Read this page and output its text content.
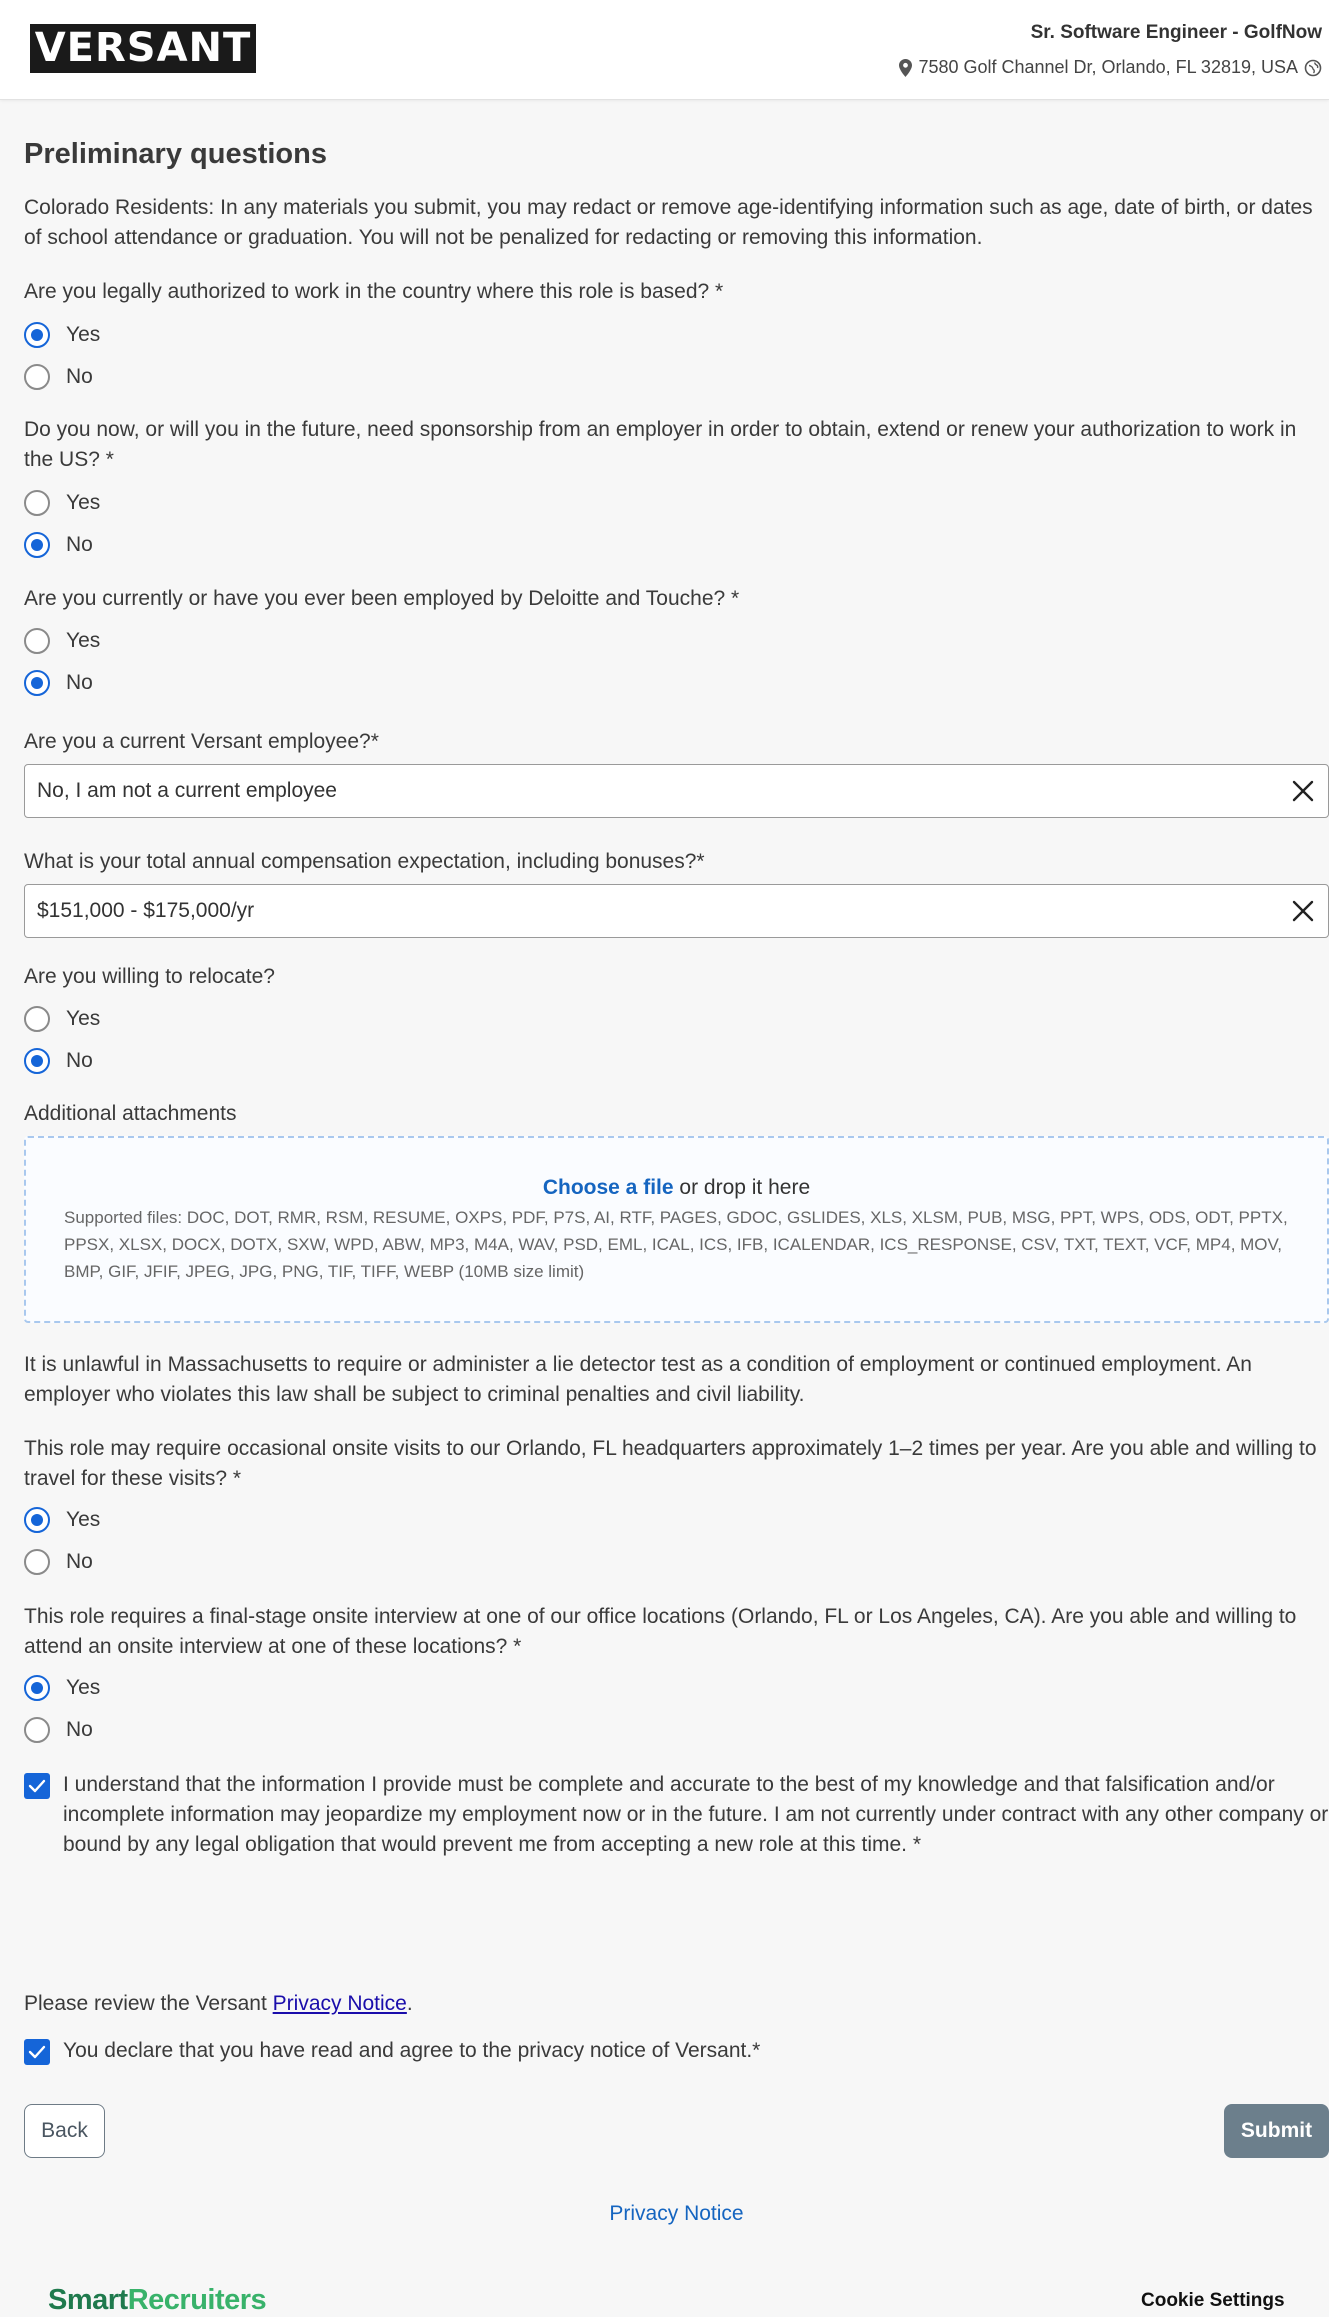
VERSANT	Sr. Software Engineer - GolfNow
7580 Golf Channel Dr, Orlando, FL 32819, USA
Preliminary questions
Colorado Residents: In any materials you submit, you may redact or remove age-identifying information such as age, date of birth, or dates of school attendance or graduation. You will not be penalized for redacting or removing this information.
Are you legally authorized to work in the country where this role is based? *
Yes
No
Do you now, or will you in the future, need sponsorship from an employer in order to obtain, extend or renew your authorization to work in the US? *
Yes
No
Are you currently or have you ever been employed by Deloitte and Touche? *
Yes
No
Are you a current Versant employee?*
No, I am not a current employee
What is your total annual compensation expectation, including bonuses?*
$151,000 - $175,000/yr
Are you willing to relocate?
Yes
No
Additional attachments
Choose a file or drop it here
Supported files: DOC, DOT, RMR, RSM, RESUME, OXPS, PDF, P7S, AI, RTF, PAGES, GDOC, GSLIDES, XLS, XLSM, PUB, MSG, PPT, WPS, ODS, ODT, PPTX, PPSX, XLSX, DOCX, DOTX, SXW, WPD, ABW, MP3, M4A, WAV, PSD, EML, ICAL, ICS, IFB, ICALENDAR, ICS_RESPONSE, CSV, TXT, TEXT, VCF, MP4, MOV, BMP, GIF, JFIF, JPEG, JPG, PNG, TIF, TIFF, WEBP (10MB size limit)
It is unlawful in Massachusetts to require or administer a lie detector test as a condition of employment or continued employment. An employer who violates this law shall be subject to criminal penalties and civil liability.
This role may require occasional onsite visits to our Orlando, FL headquarters approximately 1–2 times per year. Are you able and willing to travel for these visits? *
Yes
No
This role requires a final-stage onsite interview at one of our office locations (Orlando, FL or Los Angeles, CA). Are you able and willing to attend an onsite interview at one of these locations? *
Yes
No
I understand that the information I provide must be complete and accurate to the best of my knowledge and that falsification and/or incomplete information may jeopardize my employment now or in the future. I am not currently under contract with any other company or bound by any legal obligation that would prevent me from accepting a new role at this time. *
Please review the Versant Privacy Notice.
You declare that you have read and agree to the privacy notice of Versant.*
Back	Submit
Privacy Notice
SmartRecruiters	Cookie Settings
